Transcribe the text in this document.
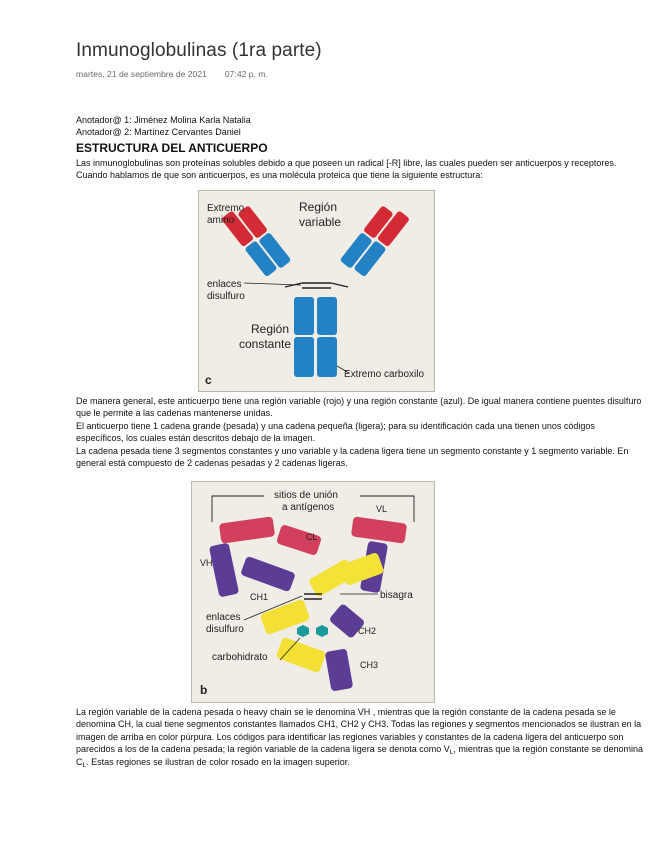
Inmunoglobulinas (1ra parte)
martes, 21 de septiembre de 2021 07:42 p. m.
Anotador@ 1: Jiménez Molina Karla Natalia
Anotador@ 2: Martínez Cervantes Daniel
ESTRUCTURA DEL ANTICUERPO
Las inmunoglobulinas son proteínas solubles debido a que poseen un radical [-R] libre, las cuales pueden ser anticuerpos y receptores. Cuando hablamos de que son anticuerpos, es una molécula proteica que tiene la siguiente estructura:
Extremo
amino
Región
variable
enlaces
disulfuro
Región
constante
Extremo carboxilo
c
De manera general, este anticuerpo tiene una región variable (rojo) y una región constante (azul). De igual manera contiene puentes disulfuro que le permite a las cadenas mantenerse unidas.
El anticuerpo tiene 1 cadena grande (pesada) y una cadena pequeña (ligera); para su identificación cada una tienen unos códigos específicos, los cuales están descritos debajo de la imagen.
La cadena pesada tiene 3 segmentos constantes y uno variable y la cadena ligera tiene un segmento constante y 1 segmento variable. En general está compuesto de 2 cadenas pesadas y 2 cadenas ligeras.
sitios de unión
a antígenos	VL
CL
VH
CH1	bisagra
enlaces
disulfuro	CH2
carbohidrato
CH3
b
La región variable de la cadena pesada o heavy chain se le denomina VH , mientras que la región constante de la cadena pesada se le denomina CH, la cual tiene segmentos constantes llamados CH1, CH2 y CH3. Todas las regiones y segmentos mencionados se ilustran en la imagen de arriba en color púrpura. Los códigos para identificar las regiones variables y constantes de la cadena ligera del anticuerpo son parecidos a los de la cadena pesada; la región variable de la cadena ligera se denota como $V_L$, mientras que la región constante se denomina $C_L$. Estas regiones se ilustran de color rosado en la imagen superior.
